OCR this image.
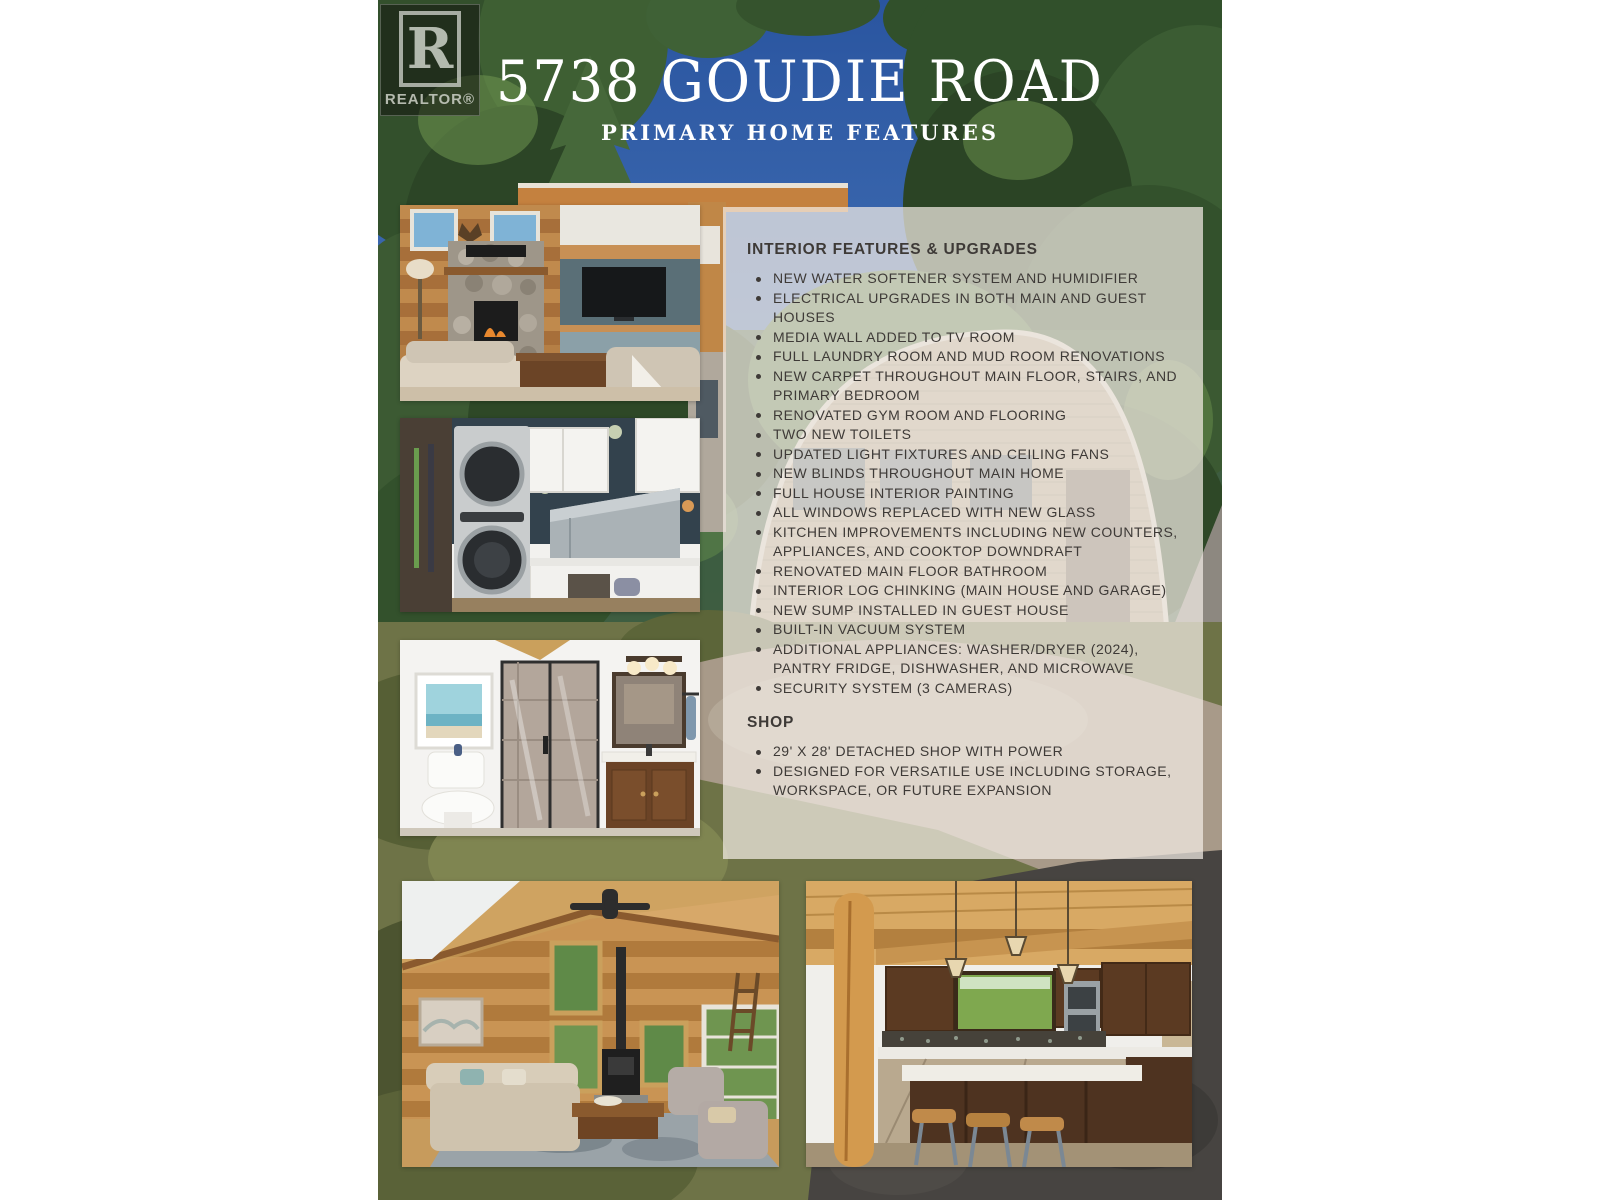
R
REALTOR® 5738 GOUDIE ROAD
PRIMARY HOME FEATURES
INTERIOR FEATURES & UPGRADES
NEW WATER SOFTENER SYSTEM AND HUMIDIFIER
ELECTRICAL UPGRADES IN BOTH MAIN AND GUEST HOUSES
MEDIA WALL ADDED TO TV ROOM
FULL LAUNDRY ROOM AND MUD ROOM RENOVATIONS
NEW CARPET THROUGHOUT MAIN FLOOR, STAIRS, AND PRIMARY BEDROOM
RENOVATED GYM ROOM AND FLOORING
TWO NEW TOILETS
UPDATED LIGHT FIXTURES AND CEILING FANS
NEW BLINDS THROUGHOUT MAIN HOME
FULL HOUSE INTERIOR PAINTING
ALL WINDOWS REPLACED WITH NEW GLASS
KITCHEN IMPROVEMENTS INCLUDING NEW COUNTERS, APPLIANCES, AND COOKTOP DOWNDRAFT
RENOVATED MAIN FLOOR BATHROOM
INTERIOR LOG CHINKING (MAIN HOUSE AND GARAGE)
NEW SUMP INSTALLED IN GUEST HOUSE
BUILT-IN VACUUM SYSTEM
ADDITIONAL APPLIANCES: WASHER/DRYER (2024), PANTRY FRIDGE, DISHWASHER, AND MICROWAVE
SECURITY SYSTEM (3 CAMERAS)
SHOP
29' X 28' DETACHED SHOP WITH POWER
DESIGNED FOR VERSATILE USE INCLUDING STORAGE, WORKSPACE, OR FUTURE EXPANSION
